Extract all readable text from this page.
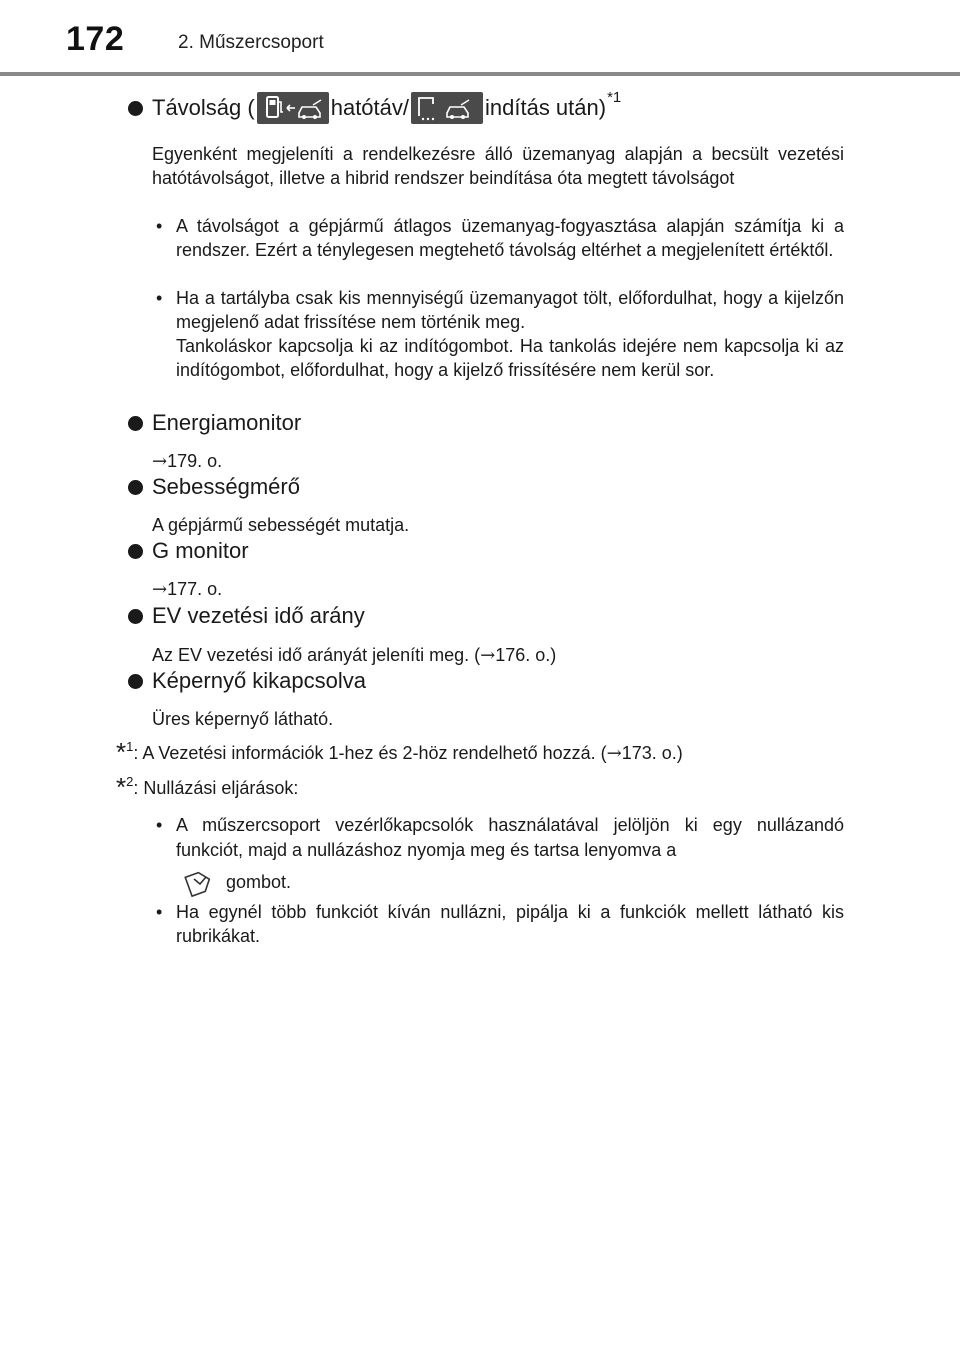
172	2. Műszercsoport
Távolság (	hatótáv/	indítás után) *1
Egyenként megjeleníti a rendelkezésre álló üzemanyag alapján a becsült vezetési hatótávolságot, illetve a hibrid rendszer beindítása óta megtett távolságot
• A távolságot a gépjármű átlagos üzemanyag-fogyasztása alapján számítja ki a rendszer. Ezért a ténylegesen megtehető távolság eltérhet a megjelenített értéktől.
• Ha a tartályba csak kis mennyiségű üzemanyagot tölt, előfordulhat, hogy a kijelzőn megjelenő adat frissítése nem történik meg.
Tankoláskor kapcsolja ki az indítógombot. Ha tankolás idejére nem kapcsolja ki az indítógombot, előfordulhat, hogy a kijelző frissítésére nem kerül sor.
Energiamonitor
→179. o.
Sebességmérő
A gépjármű sebességét mutatja.
G monitor
→177. o.
EV vezetési idő arány
Az EV vezetési idő arányát jeleníti meg. (→176. o.)
Képernyő kikapcsolva
Üres képernyő látható.
*$^1$: A Vezetési információk 1-hez és 2-höz rendelhető hozzá. (→173. o.)
*$^2$: Nullázási eljárások:
• A műszercsoport vezérlőkapcsolók használatával jelöljön ki egy nullázandó funkciót, majd a nullázáshoz nyomja meg és tartsa lenyomva a
gombot.
• Ha egynél több funkciót kíván nullázni, pipálja ki a funkciók mellett látható kis rubrikákat.
